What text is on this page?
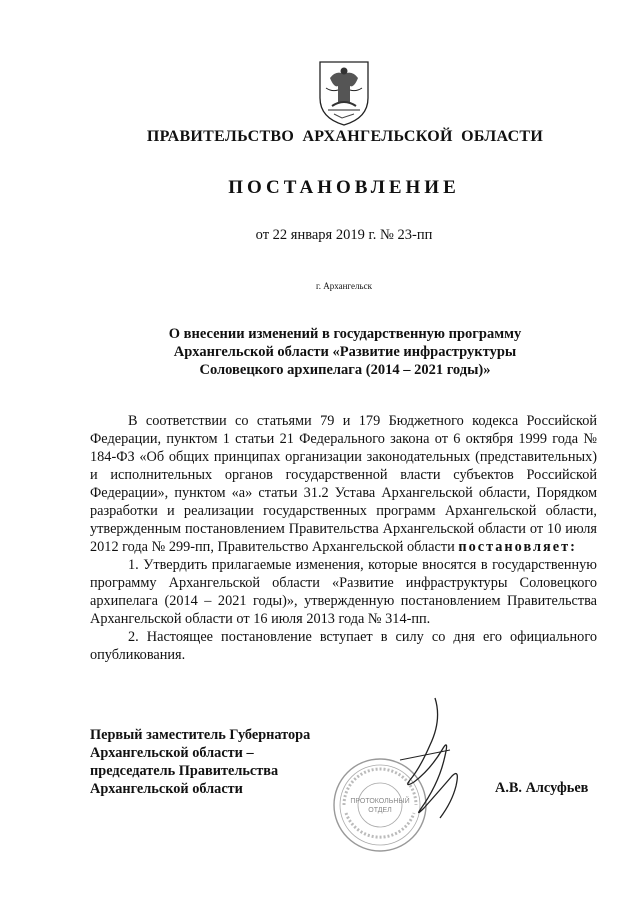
ПРАВИТЕЛЬСТВО АРХАНГЕЛЬСКОЙ ОБЛАСТИ
ПОСТАНОВЛЕНИЕ
от 22 января 2019 г. № 23-пп
г. Архангельск
О внесении изменений в государственную программу
Архангельской области «Развитие инфраструктуры
Соловецкого архипелага (2014 – 2021 годы)»

В соответствии со статьями 79 и 179 Бюджетного кодекса Российской Федерации, пунктом 1 статьи 21 Федерального закона от 6 октября 1999 года № 184-ФЗ «Об общих принципах организации законодательных (представительных) и исполнительных органов государственной власти субъектов Российской Федерации», пунктом «а» статьи 31.2 Устава Архангельской области, Порядком разработки и реализации государственных программ Архангельской области, утвержденным постановлением Правительства Архангельской области от 10 июля 2012 года № 299-пп, Правительство Архангельской области постановляет:

1. Утвердить прилагаемые изменения, которые вносятся в государственную программу Архангельской области «Развитие инфраструктуры Соловецкого архипелага (2014 – 2021 годы)», утвержденную постановлением Правительства Архангельской области от 16 июля 2013 года № 314-пп.

2. Настоящее постановление вступает в силу со дня его официального опубликования.

Первый заместитель Губернатора
Архангельской области –
председатель Правительства
Архангельской области
ПРОТОКОЛЬНЫЙ
ОТДЕЛ
А.В. Алсуфьев
